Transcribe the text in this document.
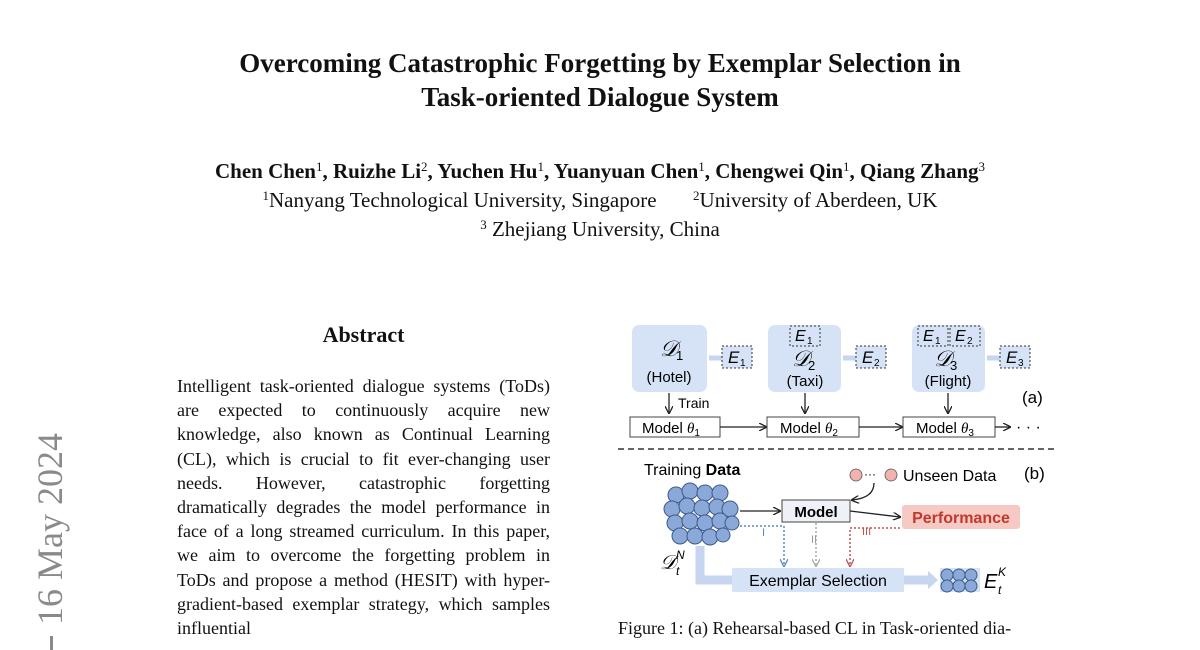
Overcoming Catastrophic Forgetting by Exemplar Selection in
Task-oriented Dialogue System
Chen Chen$^1$, Ruizhe Li$^2$, Yuchen Hu$^1$, Yuanyuan Chen$^1$, Chengwei Qin$^1$, Qiang Zhang$^3$
$^1$Nanyang Technological University, Singapore	$^2$University of Aberdeen, UK
$^3$ Zhejiang University, China
16 May 2024
Abstract
Intelligent task-oriented dialogue systems (ToDs) are expected to continuously acquire new knowledge, also known as Continual Learning (CL), which is crucial to fit ever-changing user needs. However, catastrophic forgetting dramatically degrades the model performance in face of a long streamed curriculum. In this paper, we aim to overcome the forgetting problem in ToDs and propose a method (HESIT) with hyper-gradient-based exemplar strategy, which samples influential
𝒟
1
(Hotel)
E 1
E 1
𝒟
2
(Taxi)
E 2
E 1 E 2
𝒟
3
(Flight)
E 3
Train	(a)
Model $\theta_1$	Model $\theta_2$	Model $\theta_3$	· · ·
Training Data	··· Unseen Data (b)
Model	Performance
I
II
III
𝒟 N
t
Exemplar Selection	E K
t
Figure 1: (a) Rehearsal-based CL in Task-oriented dia-
